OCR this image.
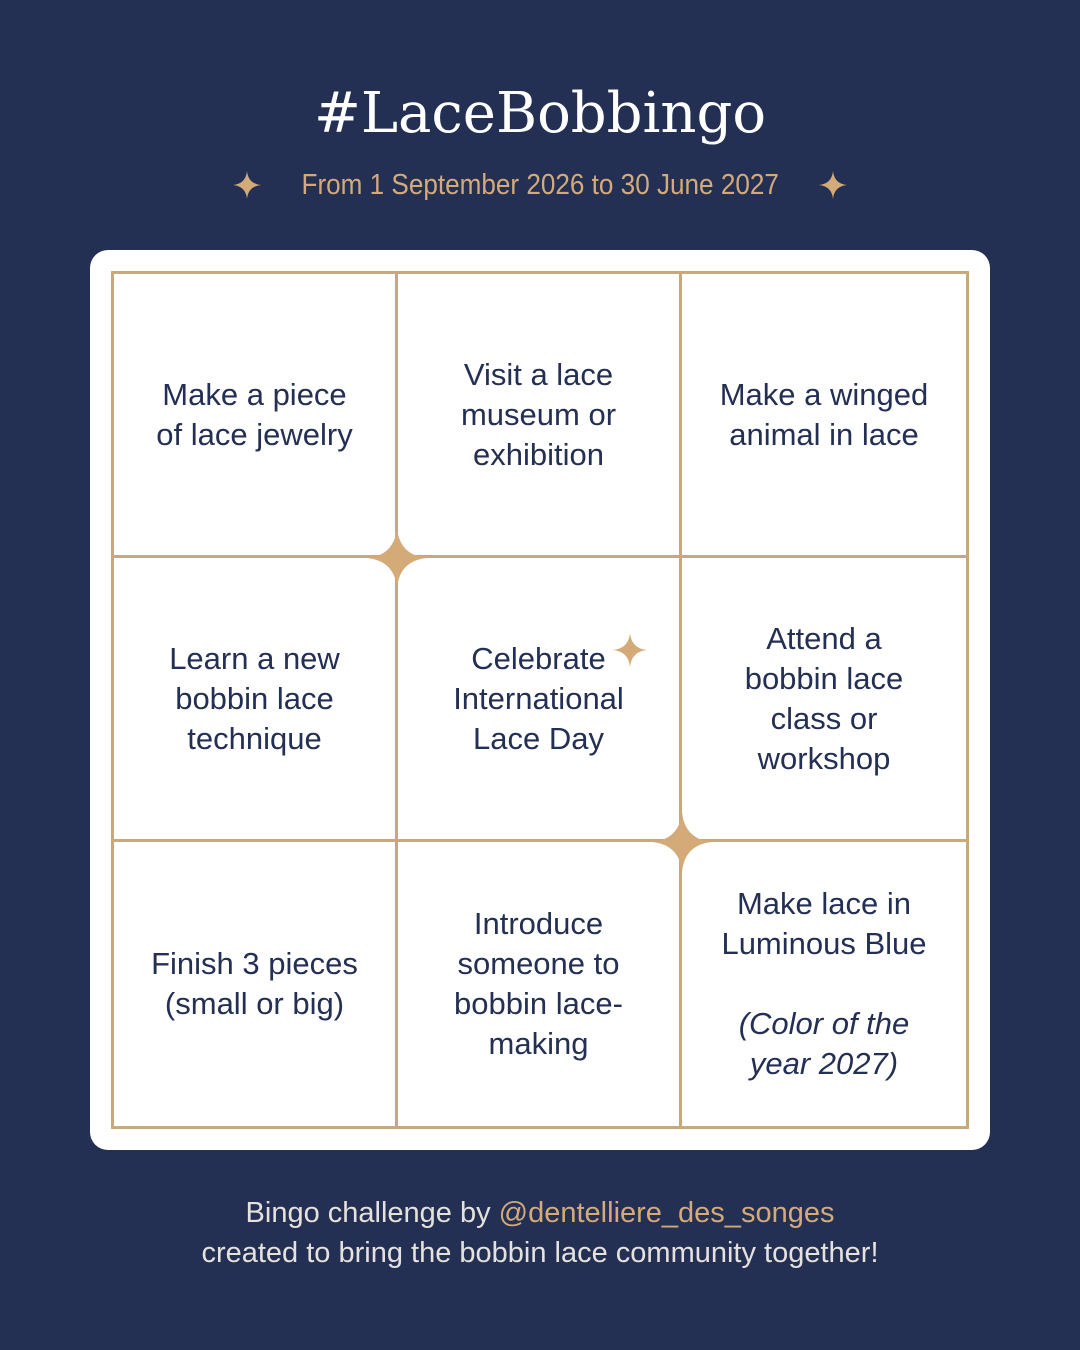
#LaceBobbingo
From 1 September 2026 to 30 June 2027
Make a piece of lace jewelry
Visit a lace museum or exhibition
Make a winged animal in lace
Learn a new bobbin lace technique
Celebrate International Lace Day
Attend a bobbin lace class or workshop
Finish 3 pieces (small or big)
Introduce someone to bobbin lace-making
Make lace in Luminous Blue
(Color of the year 2027)
Bingo challenge by @dentelliere_des_songes
created to bring the bobbin lace community together!
